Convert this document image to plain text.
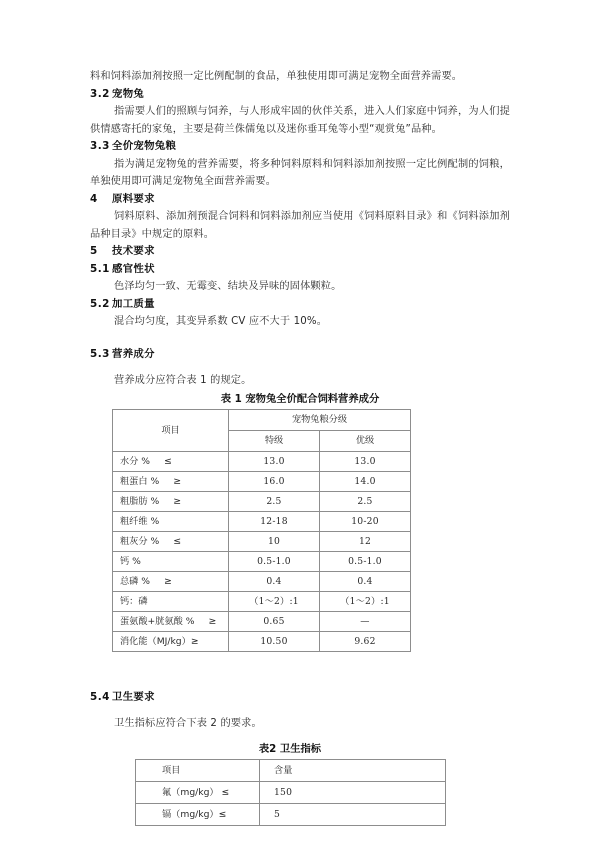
料和饲料添加剂按照一定比例配制的食品，单独使用即可满足宠物全面营养需要。

3.2 宠物兔

指需要人们的照顾与饲养，与人形成牢固的伙伴关系，进入人们家庭中饲养，为人们提 供情感寄托的家兔，主要是荷兰侏儒兔以及迷你垂耳兔等小型“观赏兔”品种。

3.3 全价宠物兔粮

指为满足宠物兔的营养需要，将多种饲料原料和饲料添加剂按照一定比例配制的饲粮，单独使用即可满足宠物兔全面营养需要。

4 原料要求

饲料原料、添加剂预混合饲料和饲料添加剂应当使用《饲料原料目录》和《饲料添加剂 品种目录》中规定的原料。

5 技术要求

5.1 感官性状

色泽均匀一致、无霉变、结块及异味的固体颗粒。

5.2 加工质量

混合均匀度，其变异系数 CV 应不大于 10%。

5.3 营养成分

营养成分应符合表 1 的规定。

表 1 宠物兔全价配合饲料营养成分

项目	宠物兔粮分级	
	特级	优级
水分 % ≤	13.0	13.0
粗蛋白 % ≥	16.0	14.0
粗脂肪 % ≥	2.5	2.5
粗纤维 %	12-18	10-20
粗灰分 % ≤	10	12
钙 %	0.5-1.0	0.5-1.0
总磷 % ≥	0.4	0.4
钙：磷	（1～2）:1	（1～2）:1
蛋氨酸+胱氨酸 % ≥	0.65	—
消化能（MJ/kg）≥	10.50	9.62

5.4 卫生要求

卫生指标应符合下表 2 的要求。

表2 卫生指标

项目	含量
氟（mg/kg） ≤	150
镉（mg/kg）≤	5
